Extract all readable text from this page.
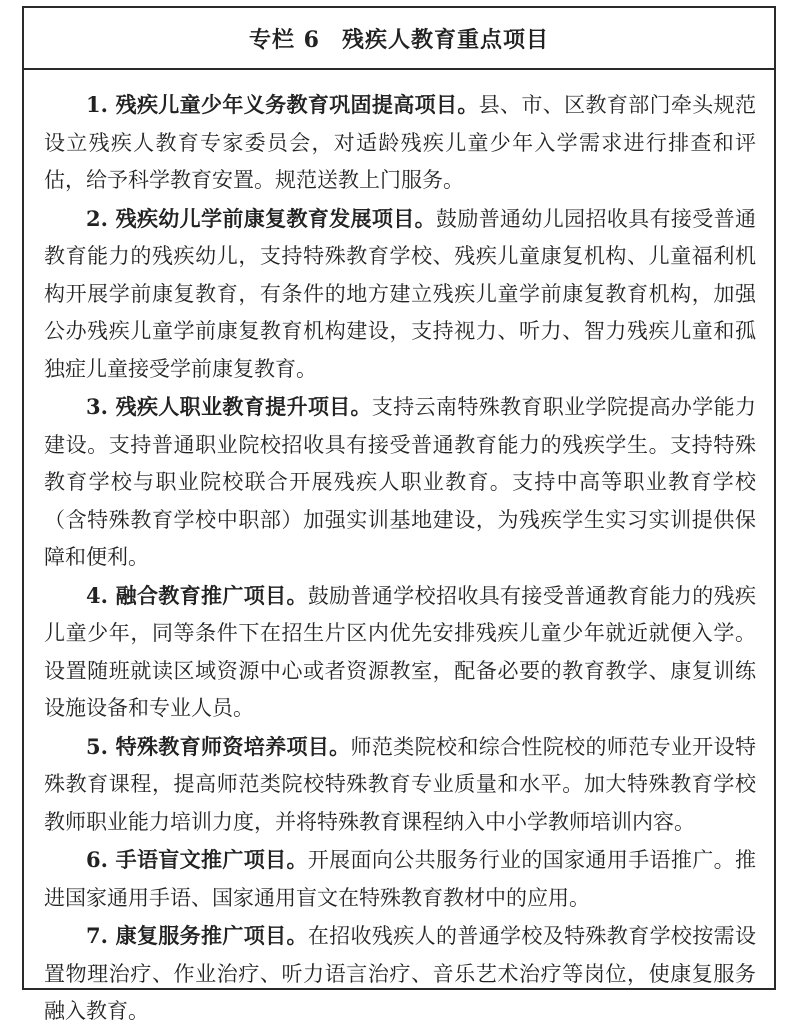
专栏 6 残疾人教育重点项目

1. 残疾儿童少年义务教育巩固提高项目。县、市、区教育部门牵头规范设立残疾人教育专家委员会，对适龄残疾儿童少年入学需求进行排查和评估，给予科学教育安置。规范送教上门服务。

2. 残疾幼儿学前康复教育发展项目。鼓励普通幼儿园招收具有接受普通教育能力的残疾幼儿，支持特殊教育学校、残疾儿童康复机构、儿童福利机构开展学前康复教育，有条件的地方建立残疾儿童学前康复教育机构，加强公办残疾儿童学前康复教育机构建设，支持视力、听力、智力残疾儿童和孤独症儿童接受学前康复教育。

3. 残疾人职业教育提升项目。支持云南特殊教育职业学院提高办学能力建设。支持普通职业院校招收具有接受普通教育能力的残疾学生。支持特殊教育学校与职业院校联合开展残疾人职业教育。支持中高等职业教育学校（含特殊教育学校中职部）加强实训基地建设，为残疾学生实习实训提供保障和便利。

4. 融合教育推广项目。鼓励普通学校招收具有接受普通教育能力的残疾儿童少年，同等条件下在招生片区内优先安排残疾儿童少年就近就便入学。设置随班就读区域资源中心或者资源教室，配备必要的教育教学、康复训练设施设备和专业人员。

5. 特殊教育师资培养项目。师范类院校和综合性院校的师范专业开设特殊教育课程，提高师范类院校特殊教育专业质量和水平。加大特殊教育学校教师职业能力培训力度，并将特殊教育课程纳入中小学教师培训内容。

6. 手语盲文推广项目。开展面向公共服务行业的国家通用手语推广。推进国家通用手语、国家通用盲文在特殊教育教材中的应用。

7. 康复服务推广项目。在招收残疾人的普通学校及特殊教育学校按需设置物理治疗、作业治疗、听力语言治疗、音乐艺术治疗等岗位，使康复服务融入教育。
